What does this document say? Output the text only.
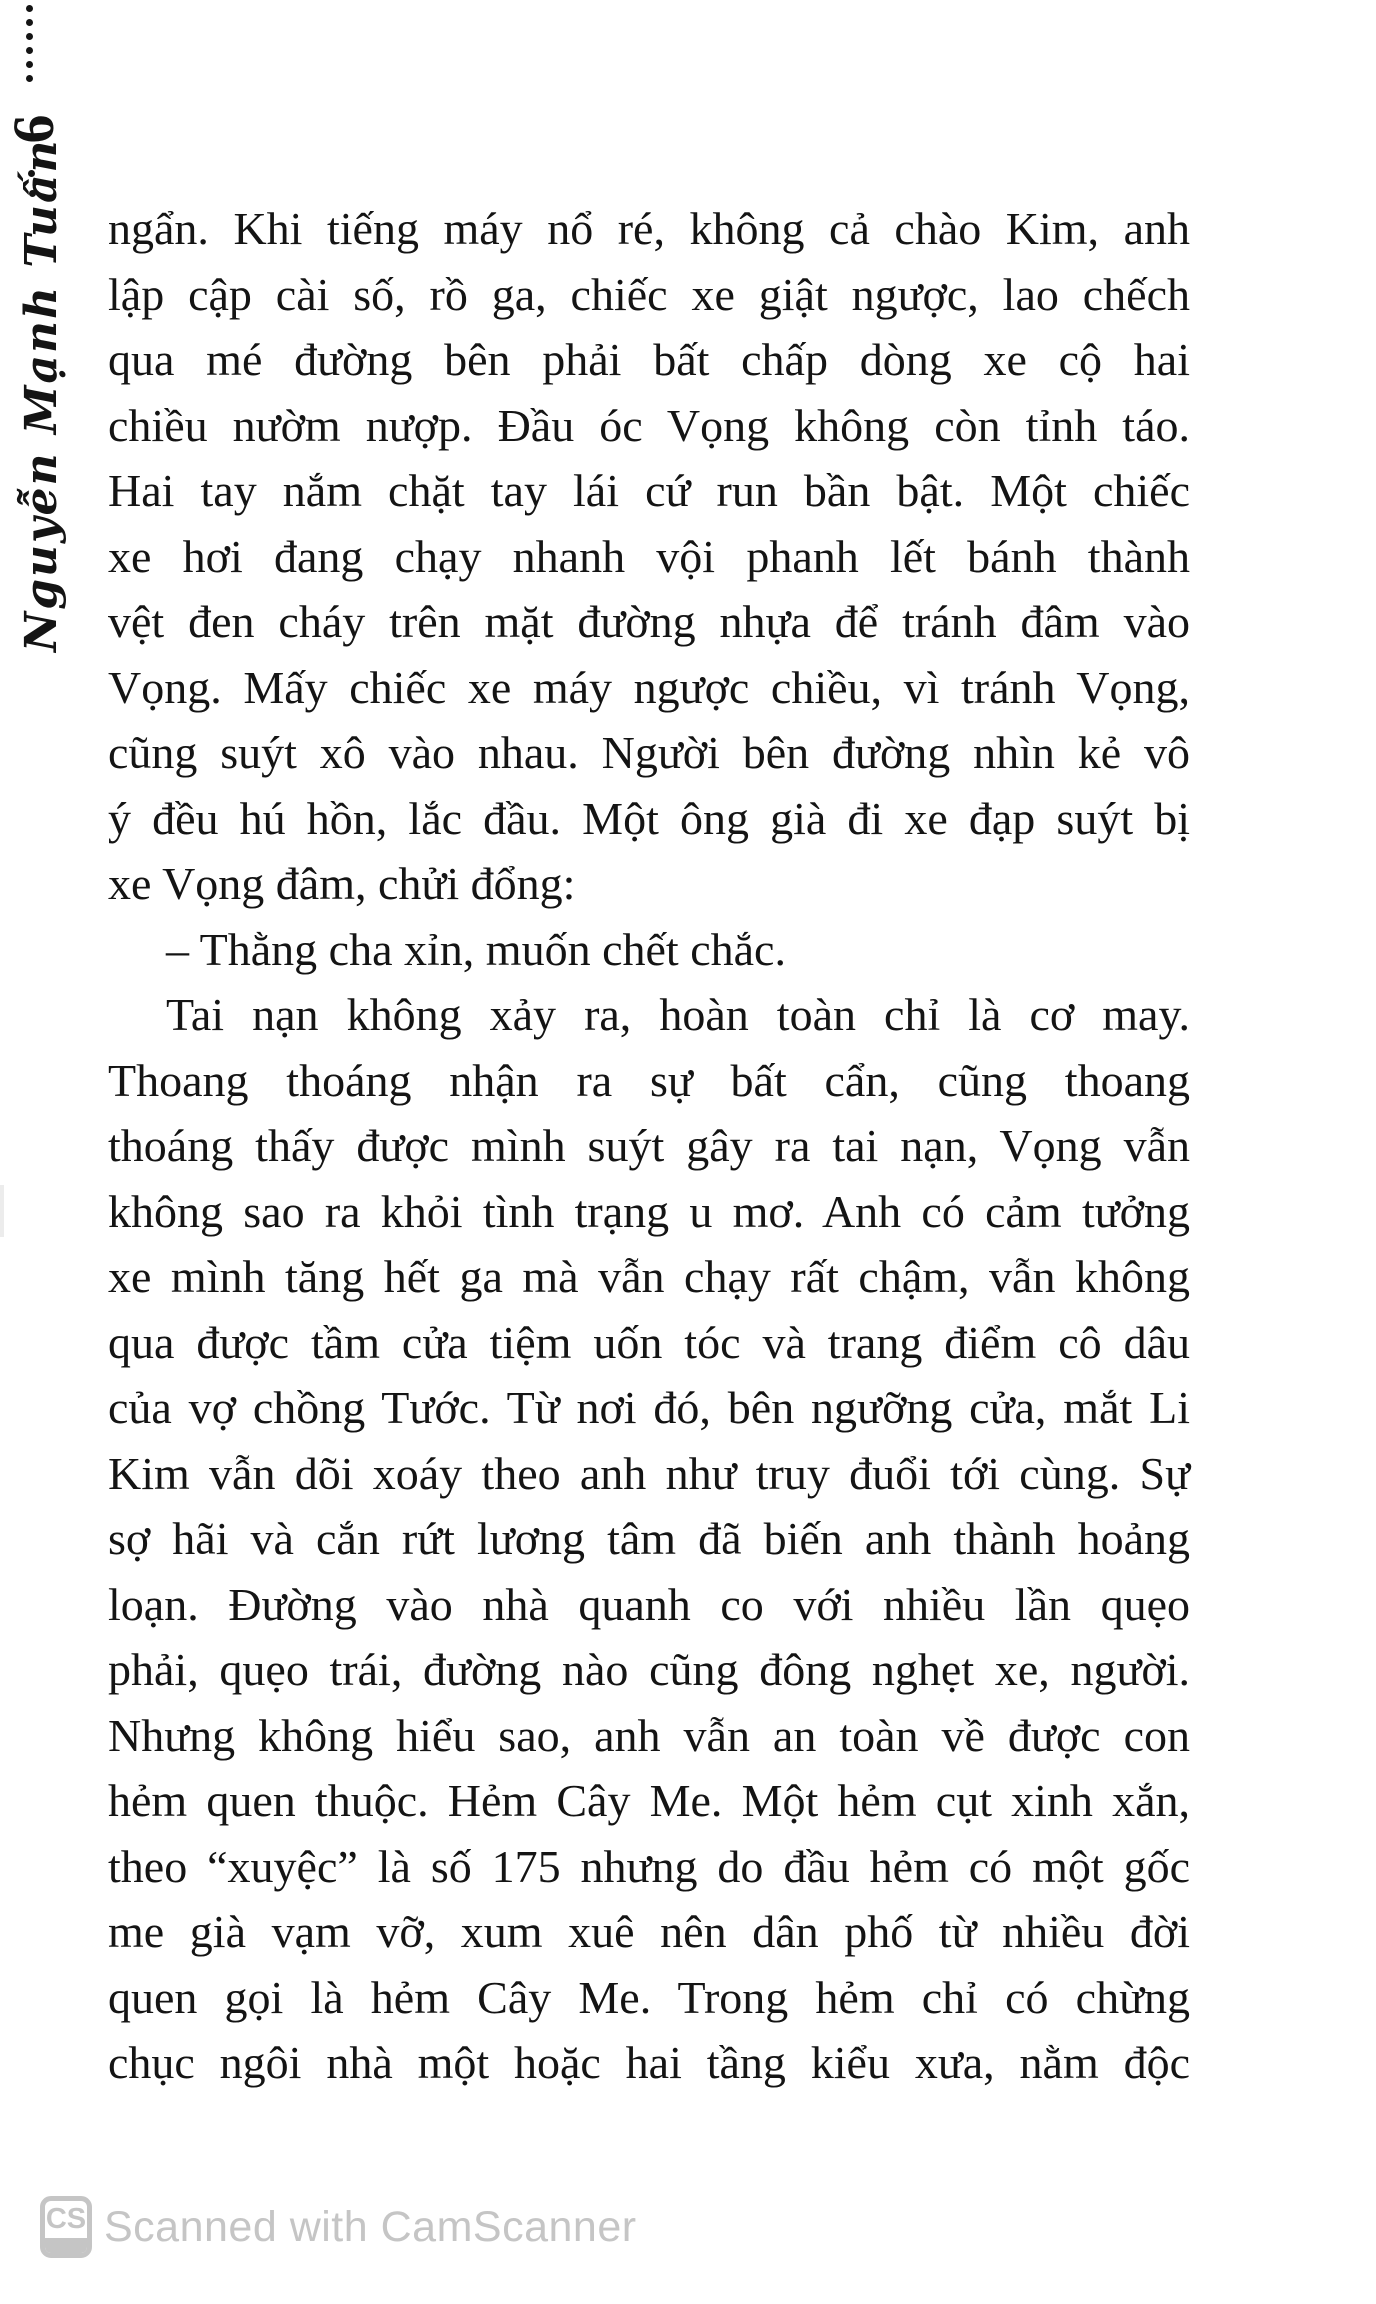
6
Nguyễn Mạnh Tuấn ngẩn. Khi tiếng máy nổ ré, không cả chào Kim, anh
lập cập cài số, rồ ga, chiếc xe giật ngược, lao chếch
qua mé đường bên phải bất chấp dòng xe cộ hai
chiều nườm nượp. Đầu óc Vọng không còn tỉnh táo.
Hai tay nắm chặt tay lái cứ run bần bật. Một chiếc
xe hơi đang chạy nhanh vội phanh lết bánh thành
vệt đen cháy trên mặt đường nhựa để tránh đâm vào
Vọng. Mấy chiếc xe máy ngược chiều, vì tránh Vọng,
cũng suýt xô vào nhau. Người bên đường nhìn kẻ vô
ý đều hú hồn, lắc đầu. Một ông già đi xe đạp suýt bị
xe Vọng đâm, chửi đổng:
– Thằng cha xỉn, muốn chết chắc.
Tai nạn không xảy ra, hoàn toàn chỉ là cơ may.
Thoang thoáng nhận ra sự bất cẩn, cũng thoang
thoáng thấy được mình suýt gây ra tai nạn, Vọng vẫn
không sao ra khỏi tình trạng u mơ. Anh có cảm tưởng
xe mình tăng hết ga mà vẫn chạy rất chậm, vẫn không
qua được tầm cửa tiệm uốn tóc và trang điểm cô dâu
của vợ chồng Tước. Từ nơi đó, bên ngưỡng cửa, mắt Li
Kim vẫn dõi xoáy theo anh như truy đuổi tới cùng. Sự
sợ hãi và cắn rứt lương tâm đã biến anh thành hoảng
loạn. Đường vào nhà quanh co với nhiều lần quẹo
phải, quẹo trái, đường nào cũng đông nghẹt xe, người.
Nhưng không hiểu sao, anh vẫn an toàn về được con
hẻm quen thuộc. Hẻm Cây Me. Một hẻm cụt xinh xắn,
theo “xuyệc” là số 175 nhưng do đầu hẻm có một gốc
me già vạm vỡ, xum xuê nên dân phố từ nhiều đời
quen gọi là hẻm Cây Me. Trong hẻm chỉ có chừng
chục ngôi nhà một hoặc hai tầng kiểu xưa, nằm độc
CS Scanned with CamScanner
